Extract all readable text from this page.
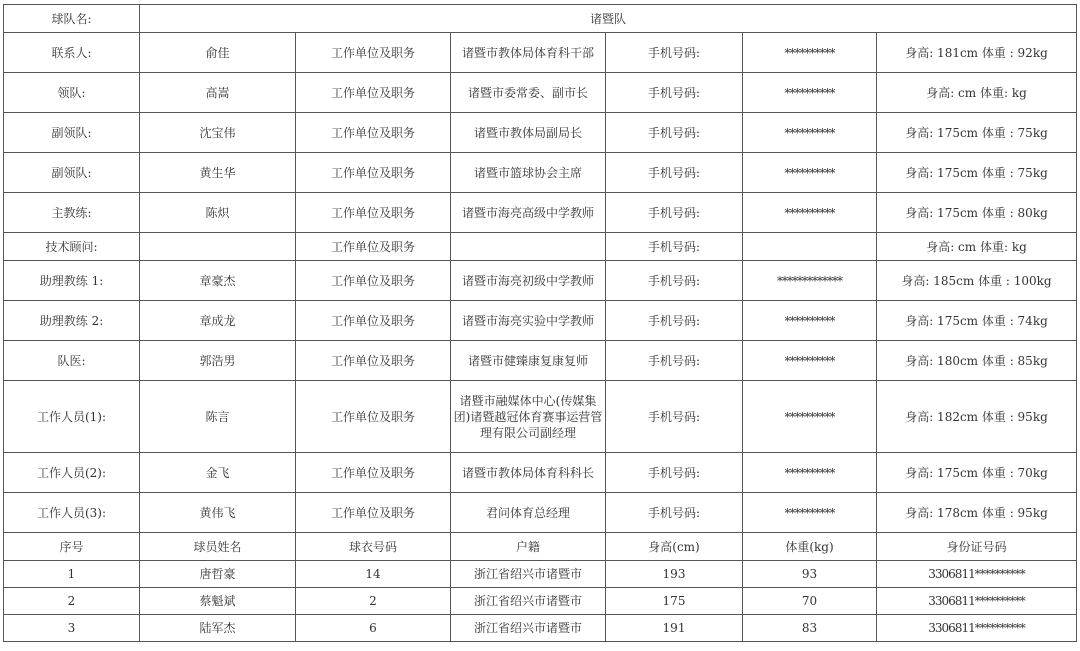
球队名:	诸暨队					
联系人:	俞佳	工作单位及职务	诸暨市教体局体育科干部	手机号码:	**********	身高: 181cm 体重 : 92kg
领队:	高嵩	工作单位及职务	诸暨市委常委、副市长	手机号码:	**********	身高: cm 体重: kg
副领队:	沈宝伟	工作单位及职务	诸暨市教体局副局长	手机号码:	**********	身高: 175cm 体重 : 75kg
副领队:	黄生华	工作单位及职务	诸暨市篮球协会主席	手机号码:	**********	身高: 175cm 体重 : 75kg
主教练:	陈炽	工作单位及职务	诸暨市海亮高级中学教师	手机号码:	**********	身高: 175cm 体重 : 80kg
技术顾问:		工作单位及职务		手机号码:		身高: cm 体重: kg
助理教练 1:	章豪杰	工作单位及职务	诸暨市海亮初级中学教师	手机号码:	*************	身高: 185cm 体重 : 100kg
助理教练 2:	章成龙	工作单位及职务	诸暨市海亮实验中学教师	手机号码:	**********	身高: 175cm 体重 : 74kg
队医:	郭浩男	工作单位及职务	诸暨市健臻康复康复师	手机号码:	**********	身高: 180cm 体重 : 85kg
工作人员(1):	陈言	工作单位及职务	诸暨市融媒体中心(传媒集团)诸暨越冠体育赛事运营管理有限公司副经理	手机号码:	**********	身高: 182cm 体重 : 95kg
工作人员(2):	金飞	工作单位及职务	诸暨市教体局体育科科长	手机号码:	**********	身高: 175cm 体重 : 70kg
工作人员(3):	黄伟飞	工作单位及职务	君问体育总经理	手机号码:	**********	身高: 178cm 体重 : 95kg
序号	球员姓名	球衣号码	户籍	身高(cm)	体重(kg)	身份证号码
1	唐哲豪	14	浙江省绍兴市诸暨市	193	93	3306811**********
2	蔡魁斌	2	浙江省绍兴市诸暨市	175	70	3306811**********
3	陆军杰	6	浙江省绍兴市诸暨市	191	83	3306811**********
